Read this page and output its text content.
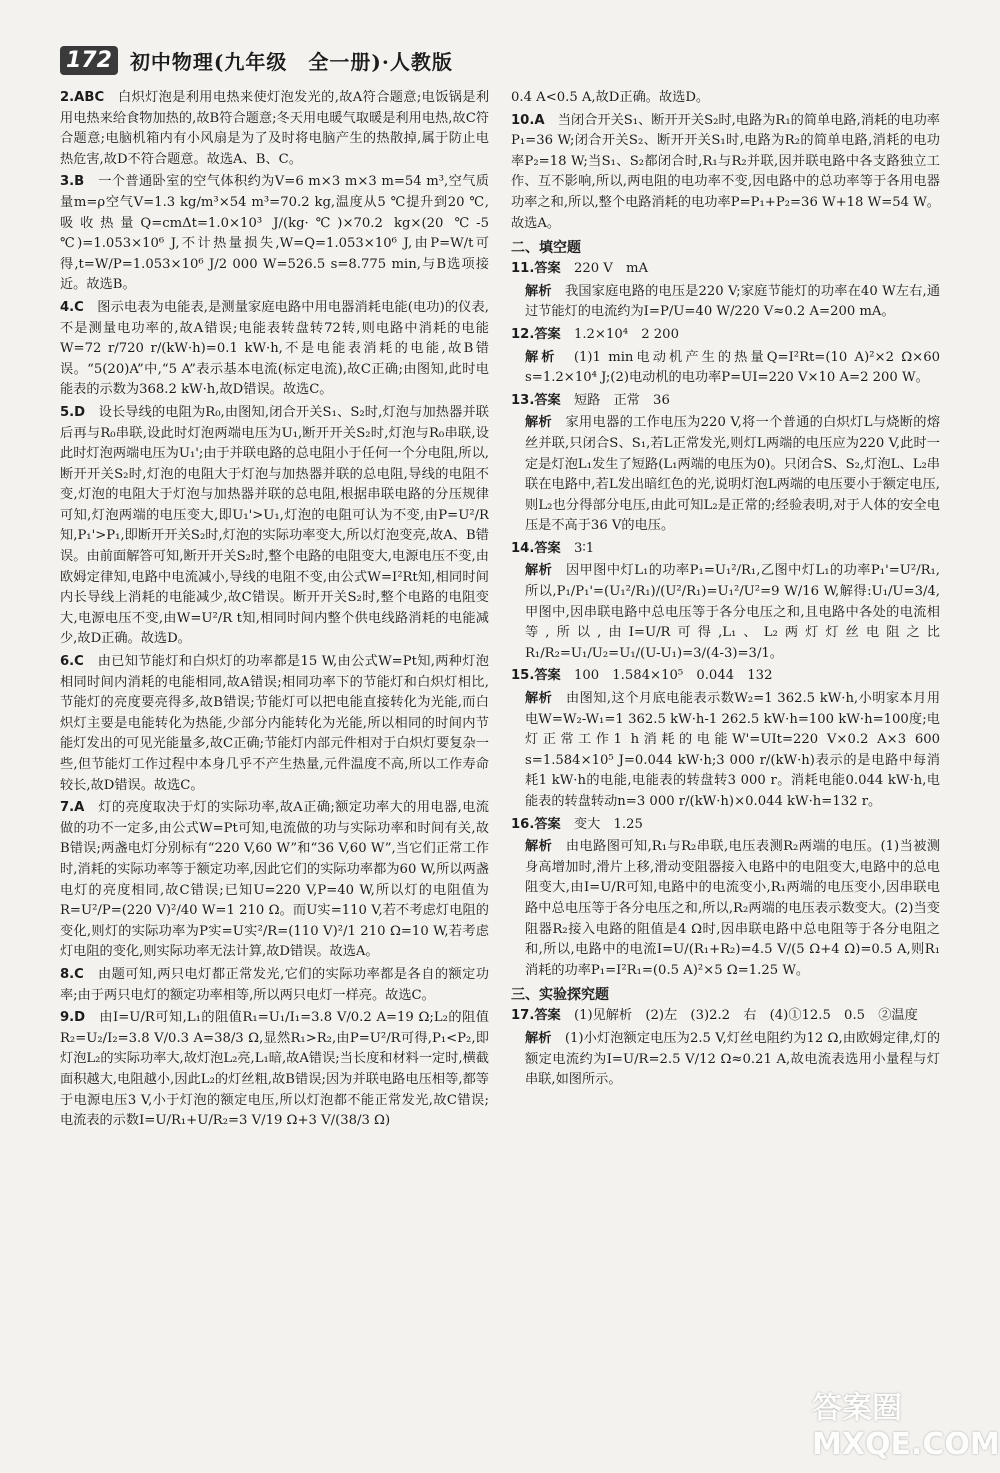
172 初中物理(九年级　全一册)·人教版

2.ABC　白炽灯泡是利用电热来使灯泡发光的,故A符合题意;电饭锅是利用电热来给食物加热的,故B符合题意;冬天用电暖气取暖是利用电热,故C符合题意;电脑机箱内有小风扇是为了及时将电脑产生的热散掉,属于防止电热危害,故D不符合题意。故选A、B、C。

3.B　一个普通卧室的空气体积约为V=6 m×3 m×3 m=54 m³,空气质量m=ρ空气V=1.3 kg/m³×54 m³=70.2 kg,温度从5 ℃提升到20 ℃,吸收热量Q=cmΔt=1.0×10³ J/(kg·℃)×70.2 kg×(20 ℃-5 ℃)=1.053×10⁶ J,不计热量损失,W=Q=1.053×10⁶ J,由P=W/t可得,t=W/P=1.053×10⁶ J/2 000 W=526.5 s=8.775 min,与B选项接近。故选B。

4.C　图示电表为电能表,是测量家庭电路中用电器消耗电能(电功)的仪表,不是测量电功率的,故A错误;电能表转盘转72转,则电路中消耗的电能W=72 r/720 r/(kW·h)=0.1 kW·h,不是电能表消耗的电能,故B错误。“5(20)A”中,“5 A”表示基本电流(标定电流),故C正确;由图知,此时电能表的示数为368.2 kW·h,故D错误。故选C。

5.D　设长导线的电阻为R₀,由图知,闭合开关S₁、S₂时,灯泡与加热器并联后再与R₀串联,设此时灯泡两端电压为U₁,断开开关S₂时,灯泡与R₀串联,设此时灯泡两端电压为U₁';由于并联电路的总电阻小于任何一个分电阻,所以,断开开关S₂时,灯泡的电阻大于灯泡与加热器并联的总电阻,导线的电阻不变,灯泡的电阻大于灯泡与加热器并联的总电阻,根据串联电路的分压规律可知,灯泡两端的电压变大,即U₁'>U₁,灯泡的电阻可认为不变,由P=U²/R知,P₁'>P₁,即断开开关S₂时,灯泡的实际功率变大,所以灯泡变亮,故A、B错误。由前面解答可知,断开开关S₂时,整个电路的电阻变大,电源电压不变,由欧姆定律知,电路中电流减小,导线的电阻不变,由公式W=I²Rt知,相同时间内长导线上消耗的电能减少,故C错误。断开开关S₂时,整个电路的电阻变大,电源电压不变,由W=U²/R t知,相同时间内整个供电线路消耗的电能减少,故D正确。故选D。

6.C　由已知节能灯和白炽灯的功率都是15 W,由公式W=Pt知,两种灯泡相同时间内消耗的电能相同,故A错误;相同功率下的节能灯和白炽灯相比,节能灯的亮度要亮得多,故B错误;节能灯可以把电能直接转化为光能,而白炽灯主要是电能转化为热能,少部分内能转化为光能,所以相同的时间内节能灯发出的可见光能量多,故C正确;节能灯内部元件相对于白炽灯要复杂一些,但节能灯工作过程中本身几乎不产生热量,元件温度不高,所以工作寿命较长,故D错误。故选C。

7.A　灯的亮度取决于灯的实际功率,故A正确;额定功率大的用电器,电流做的功不一定多,由公式W=Pt可知,电流做的功与实际功率和时间有关,故B错误;两盏电灯分别标有“220 V,60 W”和“36 V,60 W”,当它们正常工作时,消耗的实际功率等于额定功率,因此它们的实际功率都为60 W,所以两盏电灯的亮度相同,故C错误;已知U=220 V,P=40 W,所以灯的电阻值为R=U²/P=(220 V)²/40 W=1 210 Ω。而U实=110 V,若不考虑灯电阻的变化,则灯的实际功率为P实=U实²/R=(110 V)²/1 210 Ω=10 W,若考虑灯电阻的变化,则实际功率无法计算,故D错误。故选A。

8.C　由题可知,两只电灯都正常发光,它们的实际功率都是各自的额定功率;由于两只电灯的额定功率相等,所以两只电灯一样亮。故选C。

9.D　由I=U/R可知,L₁的阻值R₁=U₁/I₁=3.8 V/0.2 A=19 Ω;L₂的阻值R₂=U₂/I₂=3.8 V/0.3 A=38/3 Ω,显然R₁>R₂,由P=U²/R可得,P₁<P₂,即灯泡L₂的实际功率大,故灯泡L₂亮,L₁暗,故A错误;当长度和材料一定时,横截面积越大,电阻越小,因此L₂的灯丝粗,故B错误;因为并联电路电压相等,都等于电源电压3 V,小于灯泡的额定电压,所以灯泡都不能正常发光,故C错误;电流表的示数I=U/R₁+U/R₂=3 V/19 Ω+3 V/(38/3 Ω)

0.4 A<0.5 A,故D正确。故选D。

10.A　当闭合开关S₁、断开开关S₂时,电路为R₁的简单电路,消耗的电功率P₁=36 W;闭合开关S₂、断开开关S₁时,电路为R₂的简单电路,消耗的电功率P₂=18 W;当S₁、S₂都闭合时,R₁与R₂并联,因并联电路中各支路独立工作、互不影响,所以,两电阻的电功率不变,因电路中的总功率等于各用电器功率之和,所以,整个电路消耗的电功率P=P₁+P₂=36 W+18 W=54 W。故选A。

二、填空题

11.答案　220 V　mA

解析　我国家庭电路的电压是220 V;家庭节能灯的功率在40 W左右,通过节能灯的电流约为I=P/U=40 W/220 V≈0.2 A=200 mA。

12.答案　1.2×10⁴　2 200

解析　(1)1 min电动机产生的热量Q=I²Rt=(10 A)²×2 Ω×60 s=1.2×10⁴ J;(2)电动机的电功率P=UI=220 V×10 A=2 200 W。

13.答案　短路　正常　36

解析　家用电器的工作电压为220 V,将一个普通的白炽灯L与烧断的熔丝并联,只闭合S、S₁,若L正常发光,则灯L两端的电压应为220 V,此时一定是灯泡L₁发生了短路(L₁两端的电压为0)。只闭合S、S₂,灯泡L、L₂串联在电路中,若L发出暗红色的光,说明灯泡L两端的电压要小于额定电压,则L₂也分得部分电压,由此可知L₂是正常的;经验表明,对于人体的安全电压是不高于36 V的电压。

14.答案　3∶1

解析　因甲图中灯L₁的功率P₁=U₁²/R₁,乙图中灯L₁的功率P₁'=U²/R₁,所以,P₁/P₁'=(U₁²/R₁)/(U²/R₁)=U₁²/U²=9 W/16 W,解得:U₁/U=3/4,甲图中,因串联电路中总电压等于各分电压之和,且电路中各处的电流相等,所以,由I=U/R可得,L₁、L₂两灯灯丝电阻之比R₁/R₂=U₁/U₂=U₁/(U-U₁)=3/(4-3)=3/1。

15.答案　100　1.584×10⁵　0.044　132

解析　由图知,这个月底电能表示数W₂=1 362.5 kW·h,小明家本月用电W=W₂-W₁=1 362.5 kW·h-1 262.5 kW·h=100 kW·h=100度;电灯正常工作1 h消耗的电能W'=UIt=220 V×0.2 A×3 600 s=1.584×10⁵ J=0.044 kW·h;3 000 r/(kW·h)表示的是电路中每消耗1 kW·h的电能,电能表的转盘转3 000 r。消耗电能0.044 kW·h,电能表的转盘转动n=3 000 r/(kW·h)×0.044 kW·h=132 r。

16.答案　变大　1.25

解析　由电路图可知,R₁与R₂串联,电压表测R₂两端的电压。(1)当被测身高增加时,滑片上移,滑动变阻器接入电路中的电阻变大,电路中的总电阻变大,由I=U/R可知,电路中的电流变小,R₁两端的电压变小,因串联电路中总电压等于各分电压之和,所以,R₂两端的电压表示数变大。(2)当变阻器R₂接入电路的阻值是4 Ω时,因串联电路中总电阻等于各分电阻之和,所以,电路中的电流I=U/(R₁+R₂)=4.5 V/(5 Ω+4 Ω)=0.5 A,则R₁消耗的功率P₁=I²R₁=(0.5 A)²×5 Ω=1.25 W。

三、实验探究题

17.答案　(1)见解析　(2)左　(3)2.2　右　(4)①12.5　0.5　②温度

解析　(1)小灯泡额定电压为2.5 V,灯丝电阻约为12 Ω,由欧姆定律,灯的额定电流约为I=U/R=2.5 V/12 Ω≈0.21 A,故电流表选用小量程与灯串联,如图所示。

答案圈 MXQE.COM
